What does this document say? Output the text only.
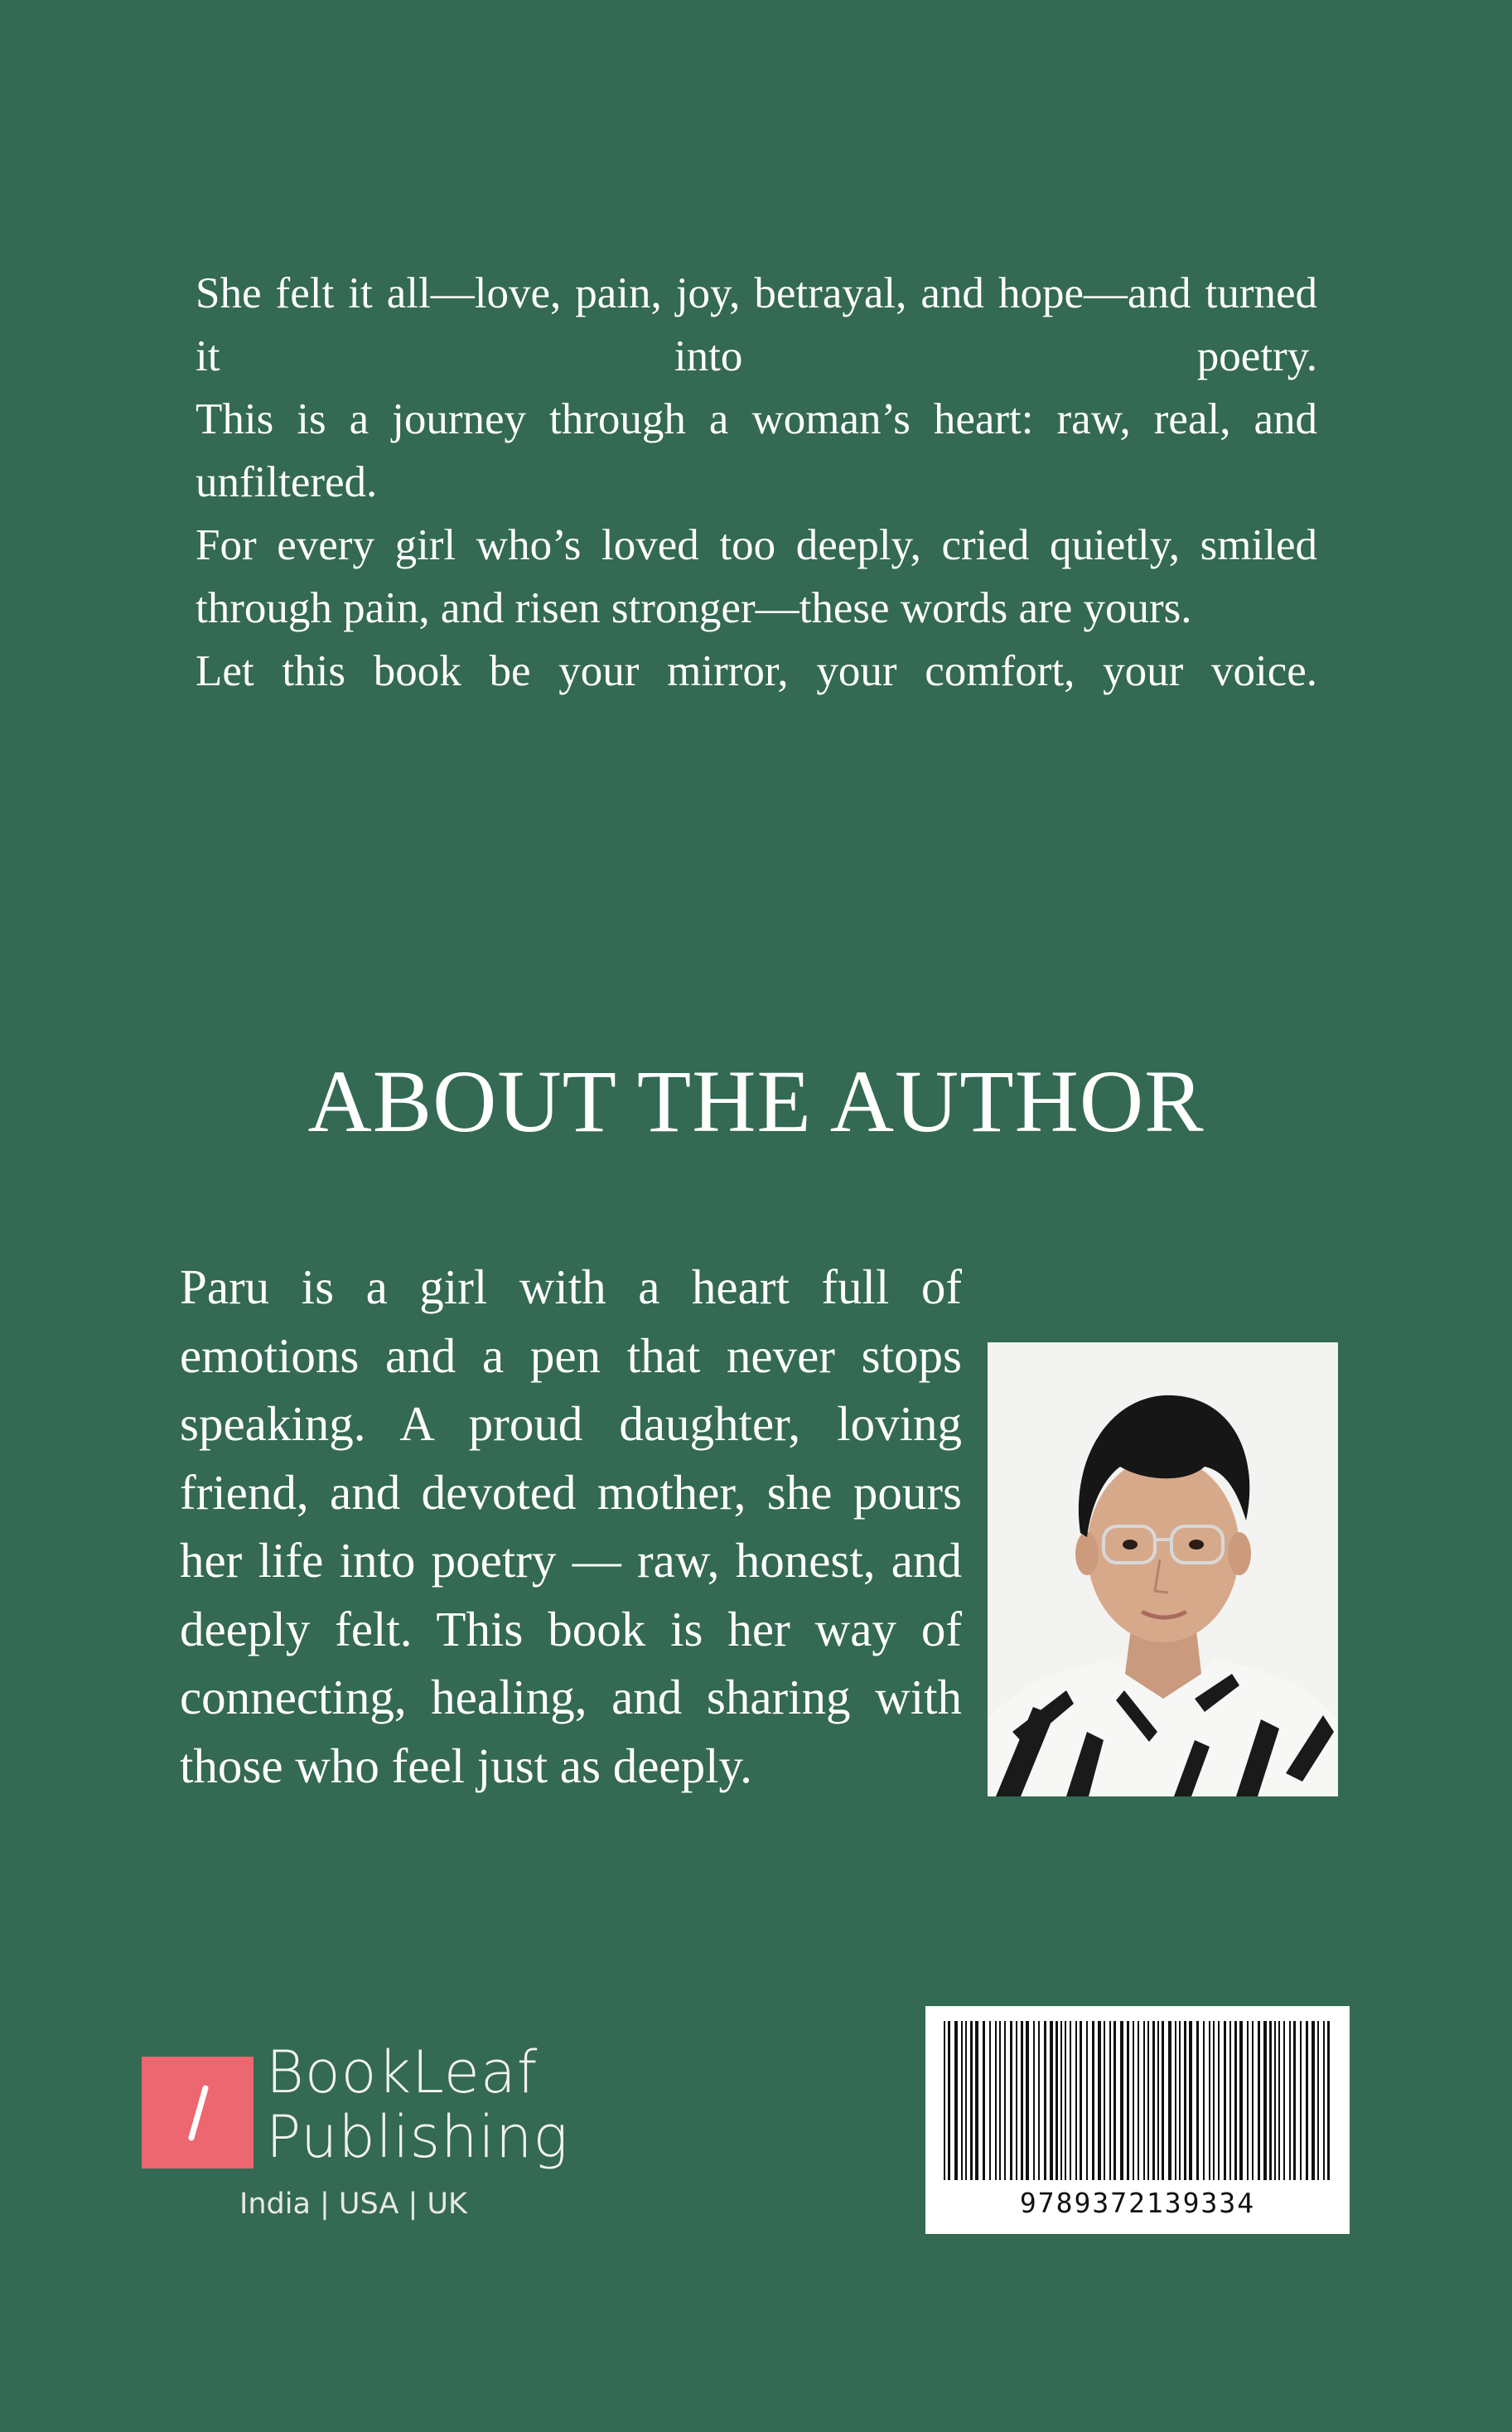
She felt it all—love, pain, joy, betrayal, and hope—and turned it into poetry.

This is a journey through a woman’s heart: raw, real, and unfiltered.

For every girl who’s loved too deeply, cried quietly, smiled through pain, and risen stronger—these words are yours.

Let this book be your mirror, your comfort, your voice.

ABOUT THE AUTHOR

Paru is a girl with a heart full of emotions and a pen that never stops speaking. A proud daughter, loving friend, and devoted mother, she pours her life into poetry — raw, honest, and deeply felt. This book is her way of connecting, healing, and sharing with those who feel just as deeply.

BookLeaf
Publishing
India | USA | UK	9789372139334
